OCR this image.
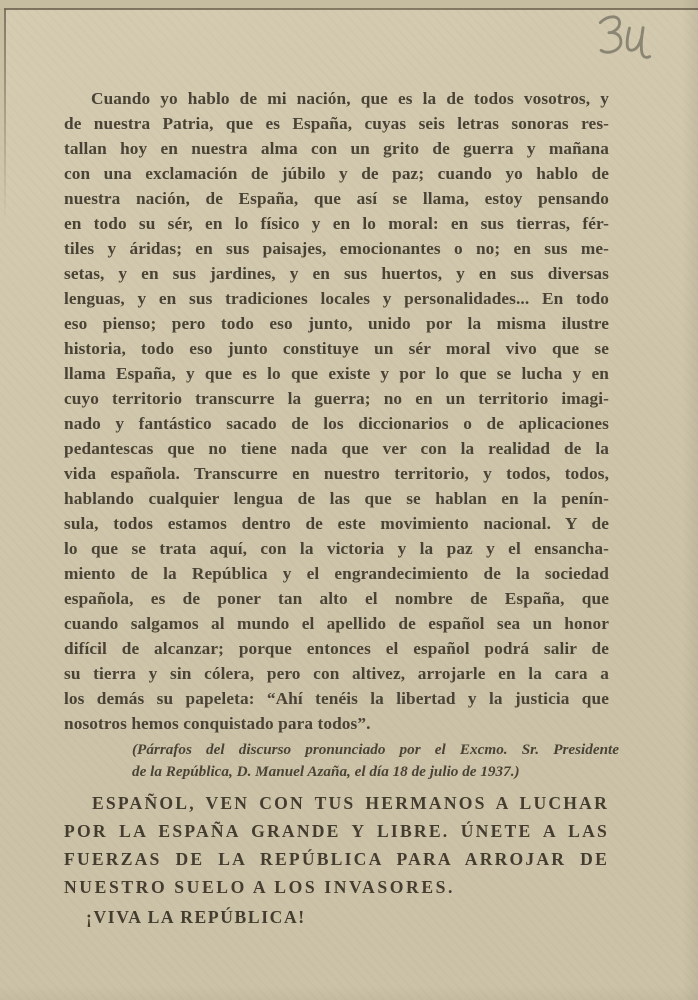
Cuando yo hablo de mi nación, que es la de todos vosotros, y
de nuestra Patria, que es España, cuyas seis letras sonoras res-
tallan hoy en nuestra alma con un grito de guerra y mañana
con una exclamación de júbilo y de paz; cuando yo hablo de
nuestra nación, de España, que así se llama, estoy pensando
en todo su sér, en lo físico y en lo moral: en sus tierras, fér-
tiles y áridas; en sus paisajes, emocionantes o no; en sus me-
setas, y en sus jardines, y en sus huertos, y en sus diversas
lenguas, y en sus tradiciones locales y personalidades... En todo
eso pienso; pero todo eso junto, unido por la misma ilustre
historia, todo eso junto constituye un sér moral vivo que se
llama España, y que es lo que existe y por lo que se lucha y en
cuyo territorio transcurre la guerra; no en un territorio imagi-
nado y fantástico sacado de los diccionarios o de aplicaciones
pedantescas que no tiene nada que ver con la realidad de la
vida española. Transcurre en nuestro territorio, y todos, todos,
hablando cualquier lengua de las que se hablan en la penín-
sula, todos estamos dentro de este movimiento nacional. Y de
lo que se trata aquí, con la victoria y la paz y el ensancha-
miento de la República y el engrandecimiento de la sociedad
española, es de poner tan alto el nombre de España, que
cuando salgamos al mundo el apellido de español sea un honor
difícil de alcanzar; porque entonces el español podrá salir de
su tierra y sin cólera, pero con altivez, arrojarle en la cara a
los demás su papeleta: “Ahí tenéis la libertad y la justicia que
nosotros hemos conquistado para todos”.
(Párrafos del discurso pronunciado por el Excmo. Sr. Presidente
de la República, D. Manuel Azaña, el día 18 de julio de 1937.)
ESPAÑOL, VEN CON TUS HERMANOS A LUCHAR
POR LA ESPAÑA GRANDE Y LIBRE. ÚNETE A LAS
FUERZAS DE LA REPÚBLICA PARA ARROJAR DE
NUESTRO SUELO A LOS INVASORES.
¡VIVA LA REPÚBLICA!
